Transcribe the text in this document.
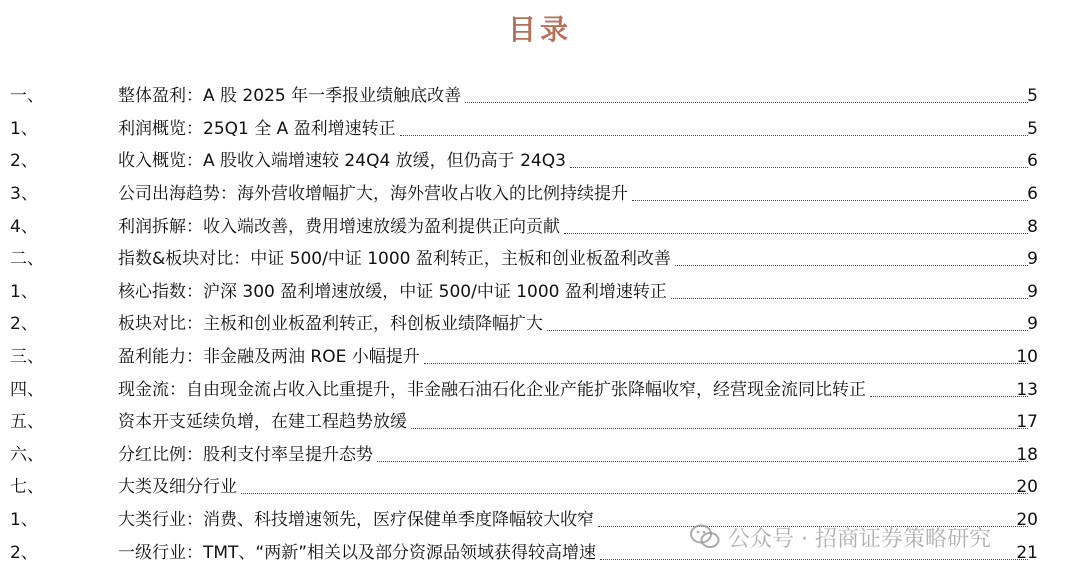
目录
一、	整体盈利：A 股 2025 年一季报业绩触底改善	5
1、	利润概览：25Q1 全 A 盈利增速转正	5
2、	收入概览：A 股收入端增速较 24Q4 放缓，但仍高于 24Q3	6
3、	公司出海趋势：海外营收增幅扩大，海外营收占收入的比例持续提升	6
4、	利润拆解：收入端改善，费用增速放缓为盈利提供正向贡献	8
二、	指数&板块对比：中证 500/中证 1000 盈利转正，主板和创业板盈利改善	9
1、	核心指数：沪深 300 盈利增速放缓，中证 500/中证 1000 盈利增速转正	9
2、	板块对比：主板和创业板盈利转正，科创板业绩降幅扩大	9
三、	盈利能力：非金融及两油 ROE 小幅提升	10
四、	现金流：自由现金流占收入比重提升，非金融石油石化企业产能扩张降幅收窄，经营现金流同比转正	13
五、	资本开支延续负增，在建工程趋势放缓	17
六、	分红比例：股利支付率呈提升态势	18
七、	大类及细分行业	20
1、	大类行业：消费、科技增速领先，医疗保健单季度降幅较大收窄	20
2、	一级行业：TMT、“两新”相关以及部分资源品领域获得较高增速	21
公众号 · 招商证券策略研究
